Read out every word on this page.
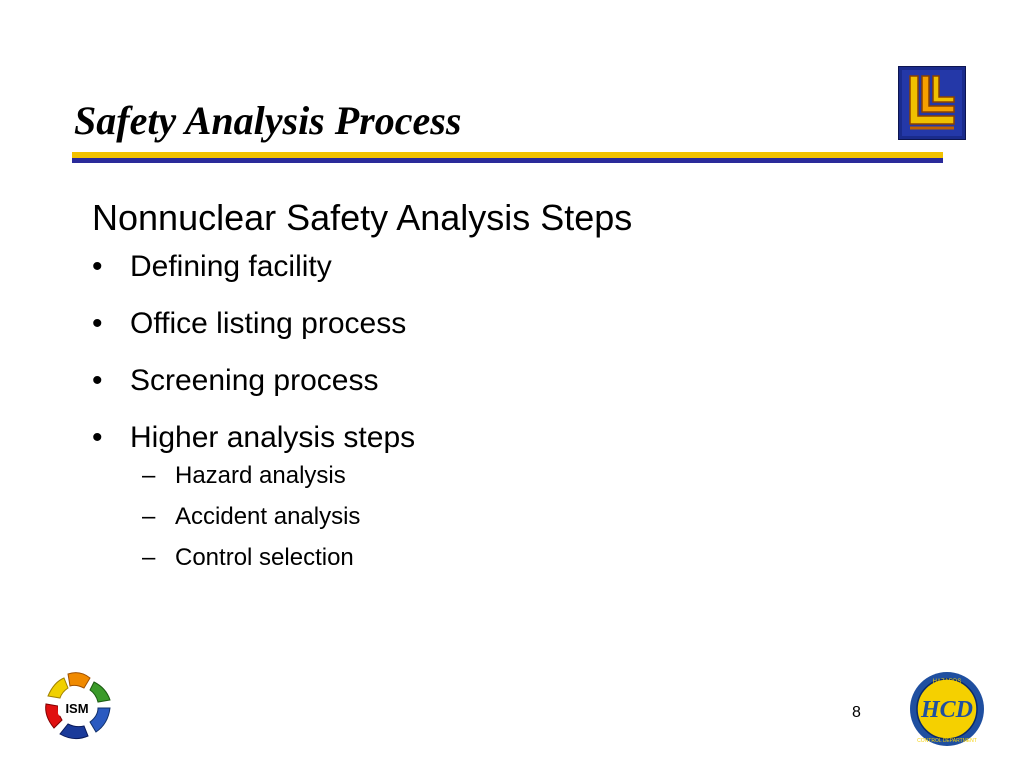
Safety Analysis Process

Nonnuclear Safety Analysis Steps

• Defining facility
• Office listing process
• Screening process
• Higher analysis steps
– Hazard analysis
– Accident analysis
– Control selection
ISM	8
HAZARDS
CONTROL DEPARTMENT
HCD
